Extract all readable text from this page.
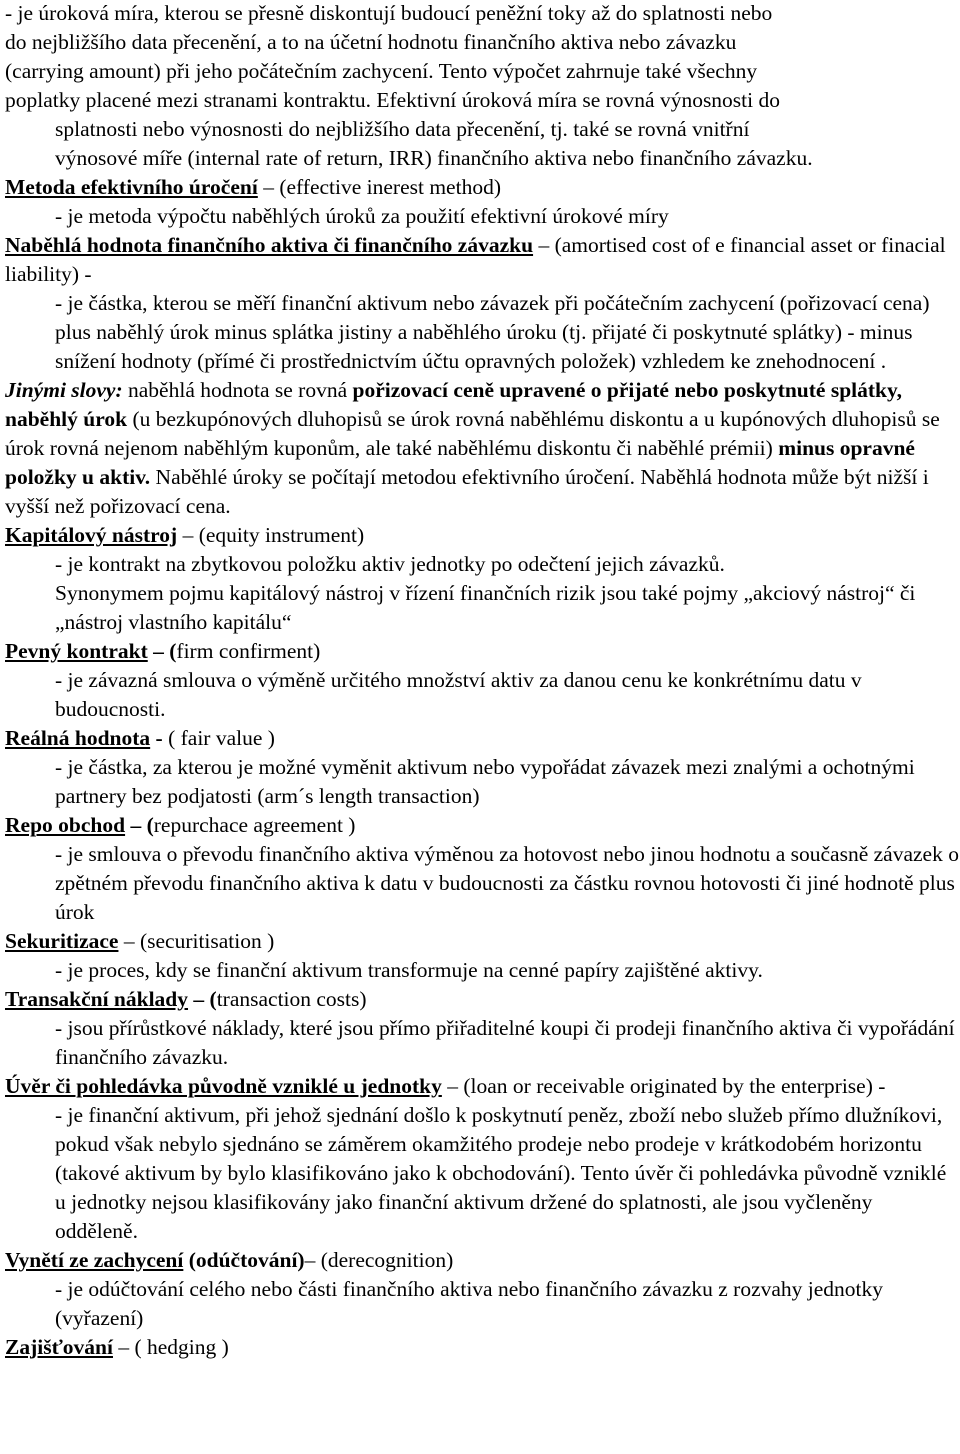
- je úroková míra, kterou se přesně diskontují budoucí peněžní toky až do splatnosti nebo

do nejbližšího data přecenění, a to na účetní hodnotu finančního aktiva nebo závazku

(carrying amount) při jeho počátečním zachycení. Tento výpočet zahrnuje také všechny

poplatky placené mezi stranami kontraktu. Efektivní úroková míra se rovná výnosnosti do

splatnosti nebo výnosnosti do nejbližšího data přecenění, tj. také se rovná vnitřní

výnosové míře (internal rate of return, IRR) finančního aktiva nebo finančního závazku.

Metoda efektivního úročení – (effective inerest method)

- je metoda výpočtu naběhlých úroků za použití efektivní úrokové míry

Naběhlá hodnota finančního aktiva či finančního závazku – (amortised cost of e financial asset or finacial liability) -

- je částka, kterou se měří finanční aktivum nebo závazek při počátečním zachycení (pořizovací cena) plus naběhlý úrok minus splátka jistiny a naběhlého úroku (tj. přijaté či poskytnuté splátky) - minus snížení hodnoty (přímé či prostřednictvím účtu opravných položek) vzhledem ke znehodnocení .

Jinými slovy: naběhlá hodnota se rovná pořizovací ceně upravené o přijaté nebo poskytnuté splátky, naběhlý úrok (u bezkupónových dluhopisů se úrok rovná naběhlému diskontu a u kupónových dluhopisů se úrok rovná nejenom naběhlým kuponům, ale také naběhlému diskontu či naběhlé prémii) minus opravné položky u aktiv. Naběhlé úroky se počítají metodou efektivního úročení. Naběhlá hodnota může být nižší i vyšší než pořizovací cena.

Kapitálový nástroj – (equity instrument)

- je kontrakt na zbytkovou položku aktiv jednotky po odečtení jejich závazků.

Synonymem pojmu kapitálový nástroj v řízení finančních rizik jsou také pojmy „akciový nástroj“ či „nástroj vlastního kapitálu“

Pevný kontrakt – (firm confirment)

- je závazná smlouva o výměně určitého množství aktiv za danou cenu ke konkrétnímu datu v budoucnosti.

Reálná hodnota - ( fair value )

- je částka, za kterou je možné vyměnit aktivum nebo vypořádat závazek mezi znalými a ochotnými partnery bez podjatosti (arm´s length transaction)

Repo obchod – (repurchace agreement )

- je smlouva o převodu finančního aktiva výměnou za hotovost nebo jinou hodnotu a současně závazek o zpětném převodu finančního aktiva k datu v budoucnosti za částku rovnou hotovosti či jiné hodnotě plus úrok

Sekuritizace – (securitisation )

- je proces, kdy se finanční aktivum transformuje na cenné papíry zajištěné aktivy.

Transakční náklady – (transaction costs)

- jsou přírůstkové náklady, které jsou přímo přiřaditelné koupi či prodeji finančního aktiva či vypořádání finančního závazku.

Úvěr či pohledávka původně vzniklé u jednotky – (loan or receivable originated by the enterprise) -

- je finanční aktivum, při jehož sjednání došlo k poskytnutí peněz, zboží nebo služeb přímo dlužníkovi, pokud však nebylo sjednáno se záměrem okamžitého prodeje nebo prodeje v krátkodobém horizontu (takové aktivum by bylo klasifikováno jako k obchodování). Tento úvěr či pohledávka původně vzniklé u jednotky nejsou klasifikovány jako finanční aktivum držené do splatnosti, ale jsou vyčleněny odděleně.

Vynětí ze zachycení (odúčtování)– (derecognition)

- je odúčtování celého nebo části finančního aktiva nebo finančního závazku z rozvahy jednotky (vyřazení)

Zajišťování – ( hedging )
